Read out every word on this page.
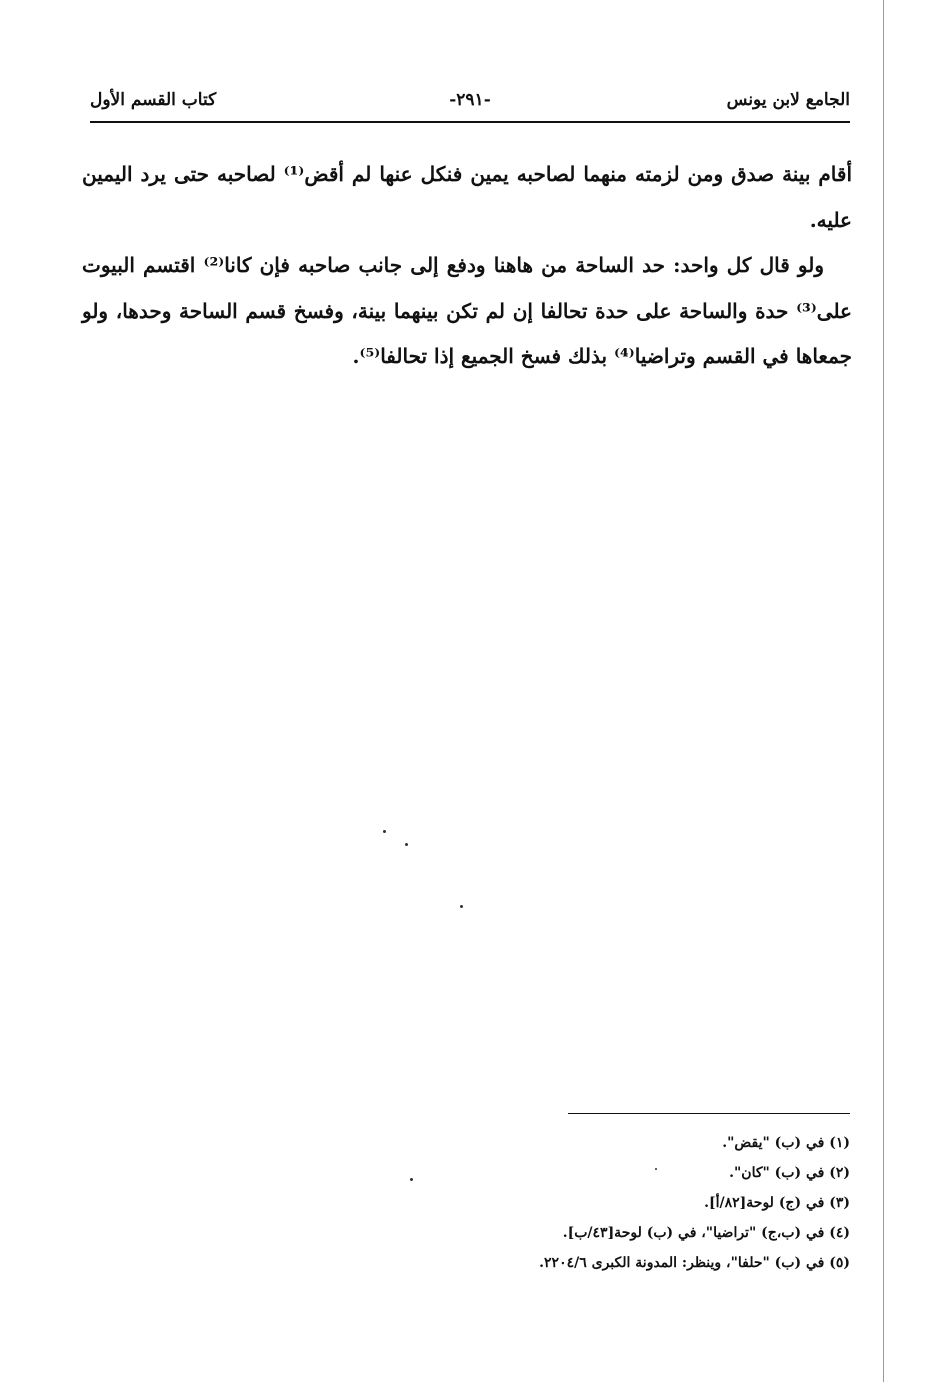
الجامع لابن يونس
-٢٩١-
كتاب القسم الأول

أقام بينة صدق ومن لزمته منهما لصاحبه يمين فنكل عنها لم أقض⁽¹⁾ لصاحبه حتى يرد اليمين عليه.

ولو قال كل واحد: حد الساحة من هاهنا ودفع إلى جانب صاحبه فإن كانا⁽²⁾ اقتسم البيوت على⁽³⁾ حدة والساحة على حدة تحالفا إن لم تكن بينهما بينة، وفسخ قسم الساحة وحدها، ولو جمعاها في القسم وتراضيا⁽⁴⁾ بذلك فسخ الجميع إذا تحالفا⁽⁵⁾.

(١) في (ب) "يقض".
(٢) في (ب) "كان".
(٣) في (ج) لوحة[٨٢/أ].
(٤) في (ب،ج) "تراضيا"، في (ب) لوحة[٤٣/ب].
(٥) في (ب) "حلفا"، وينظر: المدونة الكبرى ٢٢٠٤/٦.
